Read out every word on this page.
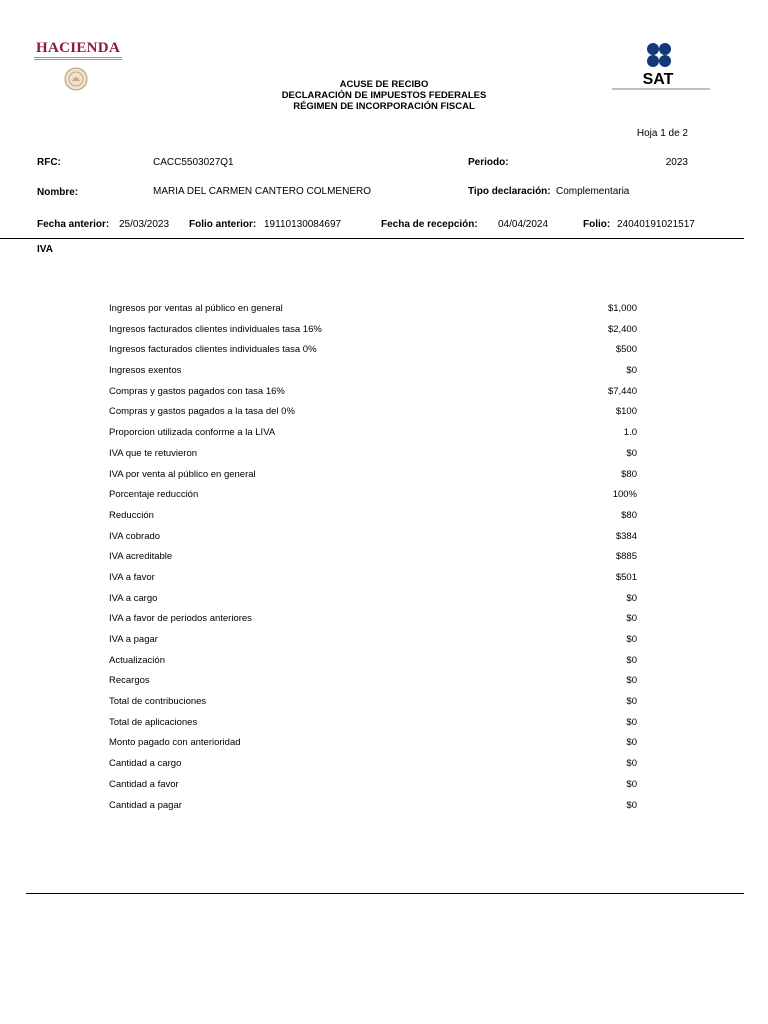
HACIENDA
SAT
ACUSE DE RECIBO
DECLARACIÓN DE IMPUESTOS FEDERALES
RÉGIMEN DE INCORPORACIÓN FISCAL
Hoja 1 de 2
RFC:	CACC5503027Q1	Periodo:	2023
Nombre:	MARIA DEL CARMEN CANTERO COLMENERO	Tipo declaración: Complementaria
Fecha anterior: 25/03/2023 Folio anterior: 19110130084697	Fecha de recepción: 04/04/2024	Folio: 24040191021517
IVA
Ingresos por ventas al público en general	$1,000
Ingresos facturados clientes individuales tasa 16%	$2,400
Ingresos facturados clientes individuales tasa 0%	$500
Ingresos exentos	$0
Compras y gastos pagados con tasa 16%	$7,440
Compras y gastos pagados a la tasa del 0%	$100
Proporcion utilizada conforme a la LIVA	1.0
IVA que te retuvieron	$0
IVA por venta al público en general	$80
Porcentaje reducción	100%
Reducción	$80
IVA cobrado	$384
IVA acreditable	$885
IVA a favor	$501
IVA a cargo	$0
IVA a favor de periodos anteriores	$0
IVA a pagar	$0
Actualización	$0
Recargos	$0
Total de contribuciones	$0
Total de aplicaciones	$0
Monto pagado con anterioridad	$0
Cantidad a cargo	$0
Cantidad a favor	$0
Cantidad a pagar	$0
